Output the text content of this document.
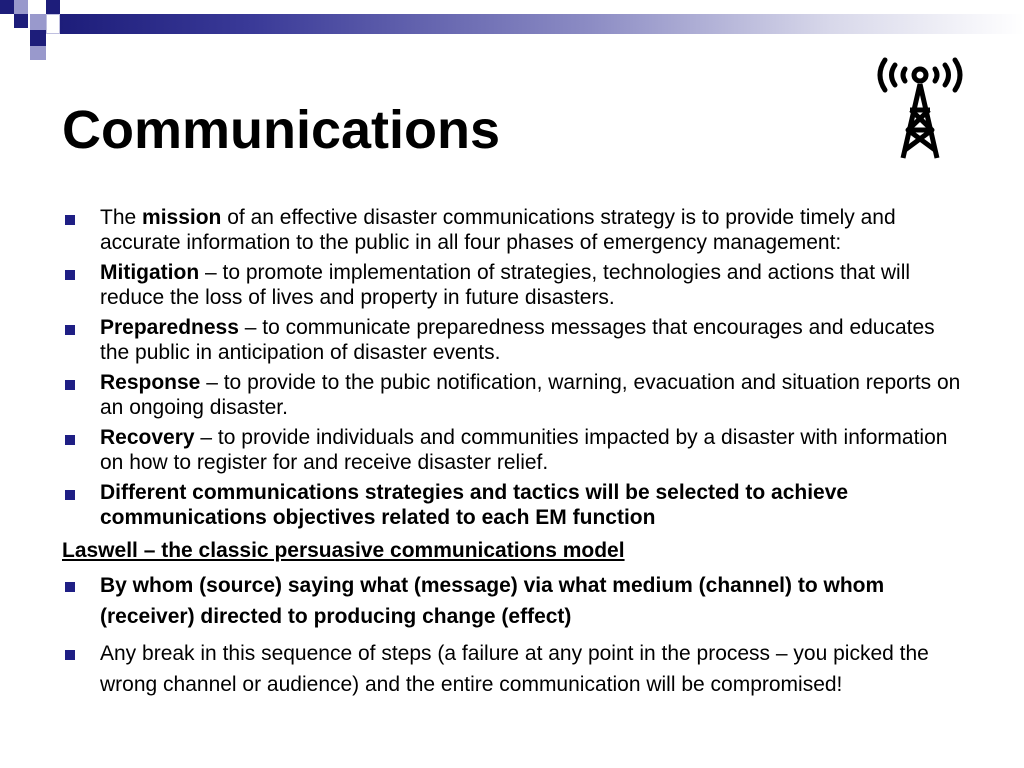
Communications
The mission of an effective disaster communications strategy is to provide timely and accurate information to the public in all four phases of emergency management:
Mitigation – to promote implementation of strategies, technologies and actions that will reduce the loss of lives and property in future disasters.
Preparedness – to communicate preparedness messages that encourages and educates the public in anticipation of disaster events.
Response – to provide to the pubic notification, warning, evacuation and situation reports on an ongoing disaster.
Recovery – to provide individuals and communities impacted by a disaster with information on how to register for and receive disaster relief.
Different communications strategies and tactics will be selected to achieve communications objectives related to each EM function
Laswell – the classic persuasive communications model
By whom (source) saying what (message) via what medium (channel) to whom (receiver) directed to producing change (effect)
Any break in this sequence of steps (a failure at any point in the process – you picked the wrong channel or audience) and the entire communication will be compromised!
